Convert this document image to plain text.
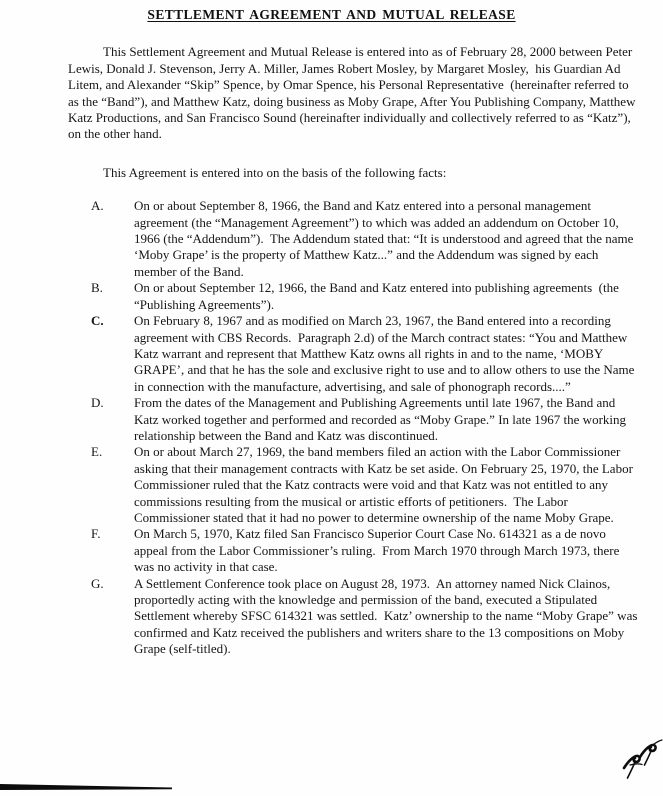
SETTLEMENT AGREEMENT AND MUTUAL RELEASE

This Settlement Agreement and Mutual Release is entered into as of February 28, 2000 between Peter Lewis, Donald J. Stevenson, Jerry A. Miller, James Robert Mosley, by Margaret Mosley,  his Guardian Ad Litem, and Alexander “Skip” Spence, by Omar Spence, his Personal Representative  (hereinafter referred to as the “Band”), and Matthew Katz, doing business as Moby Grape, After You Publishing Company, Matthew Katz Productions, and San Francisco Sound (hereinafter individually and collectively referred to as “Katz”), on the other hand.

This Agreement is entered into on the basis of the following facts:

A.	On or about September 8, 1966, the Band and Katz entered into a personal management agreement (the “Management Agreement”) to which was added an addendum on October 10, 1966 (the “Addendum”).  The Addendum stated that: “It is understood and agreed that the name ‘Moby Grape’ is the property of Matthew Katz...” and the Addendum was signed by each member of the Band.
B.	On or about September 12, 1966, the Band and Katz entered into publishing agreements  (the “Publishing Agreements”).
C.	On February 8, 1967 and as modified on March 23, 1967, the Band entered into a recording agreement with CBS Records.  Paragraph 2.d) of the March contract states: “You and Matthew Katz warrant and represent that Matthew Katz owns all rights in and to the name, ‘MOBY GRAPE’, and that he has the sole and exclusive right to use and to allow others to use the Name in connection with the manufacture, advertising, and sale of phonograph records....”
D.	From the dates of the Management and Publishing Agreements until late 1967, the Band and Katz worked together and performed and recorded as “Moby Grape.” In late 1967 the working relationship between the Band and Katz was discontinued.
E.	On or about March 27, 1969, the band members filed an action with the Labor Commissioner asking that their management contracts with Katz be set aside. On February 25, 1970, the Labor Commissioner ruled that the Katz contracts were void and that Katz was not entitled to any commissions resulting from the musical or artistic efforts of petitioners.  The Labor Commissioner stated that it had no power to determine ownership of the name Moby Grape.
F.	On March 5, 1970, Katz filed San Francisco Superior Court Case No. 614321 as a de novo appeal from the Labor Commissioner’s ruling.  From March 1970 through March 1973, there was no activity in that case.
G.	A Settlement Conference took place on August 28, 1973.  An attorney named Nick Clainos, proportedly acting with the knowledge and permission of the band, executed a Stipulated Settlement whereby SFSC 614321 was settled.  Katz’ ownership to the name “Moby Grape” was confirmed and Katz received the publishers and writers share to the 13 compositions on Moby Grape (self-titled).
